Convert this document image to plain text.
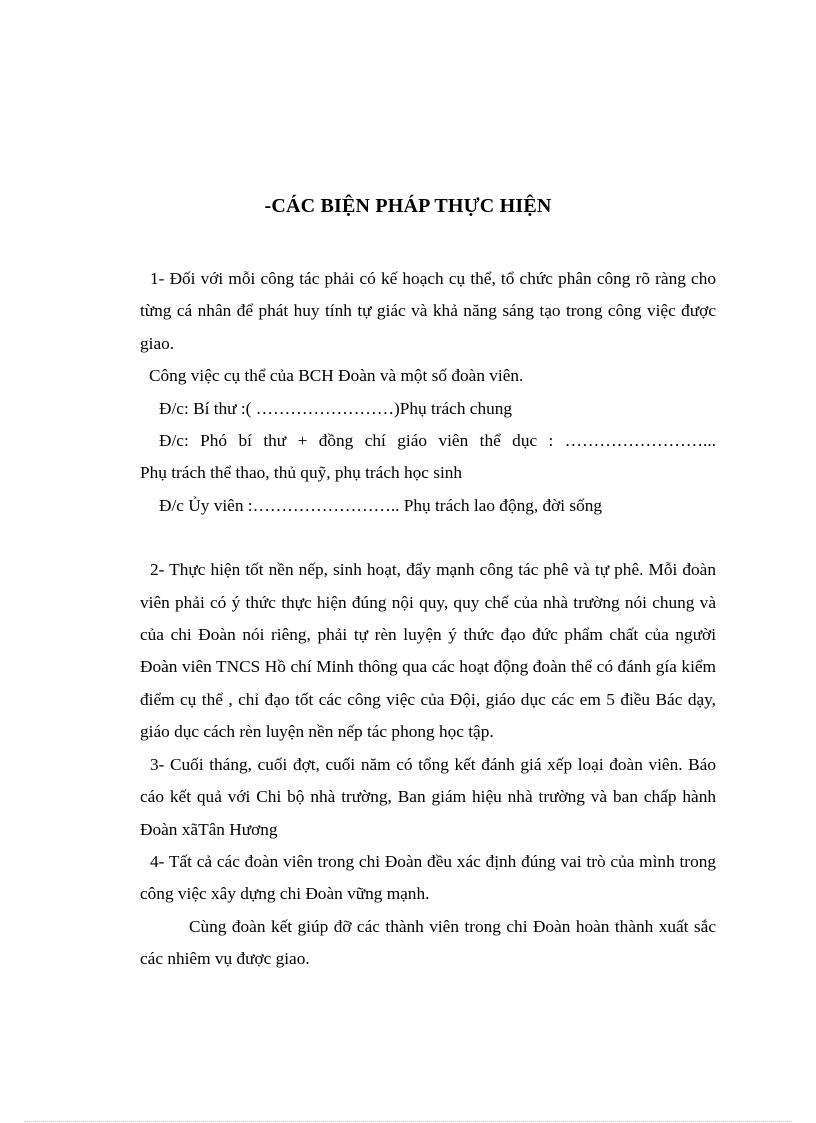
-CÁC BIỆN PHÁP THỰC HIỆN

1- Đối với mỗi công tác phải có kế hoạch cụ thể, tổ chức phân công rõ ràng cho từng cá nhân để phát huy tính tự giác và khả năng sáng tạo trong công việc được giao.

Công việc cụ thể của BCH Đoàn và một số đoàn viên.

Đ/c: Bí thư :( ……………………)Phụ trách chung

Đ/c: Phó bí thư + đồng chí giáo viên thể dục : ……………………...

Phụ trách thể thao, thủ quỹ, phụ trách học sinh

Đ/c Ủy viên :…………………….. Phụ trách lao động, đời sống

2- Thực hiện tốt nền nếp, sinh hoạt, đẩy mạnh công tác phê và tự phê. Mỗi đoàn viên phải có ý thức thực hiện đúng nội quy, quy chế của nhà trường nói chung và của chi Đoàn nói riêng, phải tự rèn luyện ý thức đạo đức phẩm chất của người Đoàn viên TNCS Hồ chí Minh thông qua các hoạt động đoàn thể có đánh gía kiểm điểm cụ thể , chỉ đạo tốt các công việc của Đội, giáo dục các em 5 điều Bác dạy, giáo dục cách rèn luyện nền nếp tác phong học tập.

3- Cuối tháng, cuối đợt, cuối năm có tổng kết đánh giá xếp loại đoàn viên. Báo cáo kết quả với Chi bộ nhà trường, Ban giám hiệu nhà trường và ban chấp hành Đoàn xãTân Hương

4- Tất cả các đoàn viên trong chi Đoàn đều xác định đúng vai trò của mình trong công việc xây dựng chi Đoàn vững mạnh.

Cùng đoàn kết giúp đỡ các thành viên trong chi Đoàn hoàn thành xuất sắc các nhiêm vụ được giao.
